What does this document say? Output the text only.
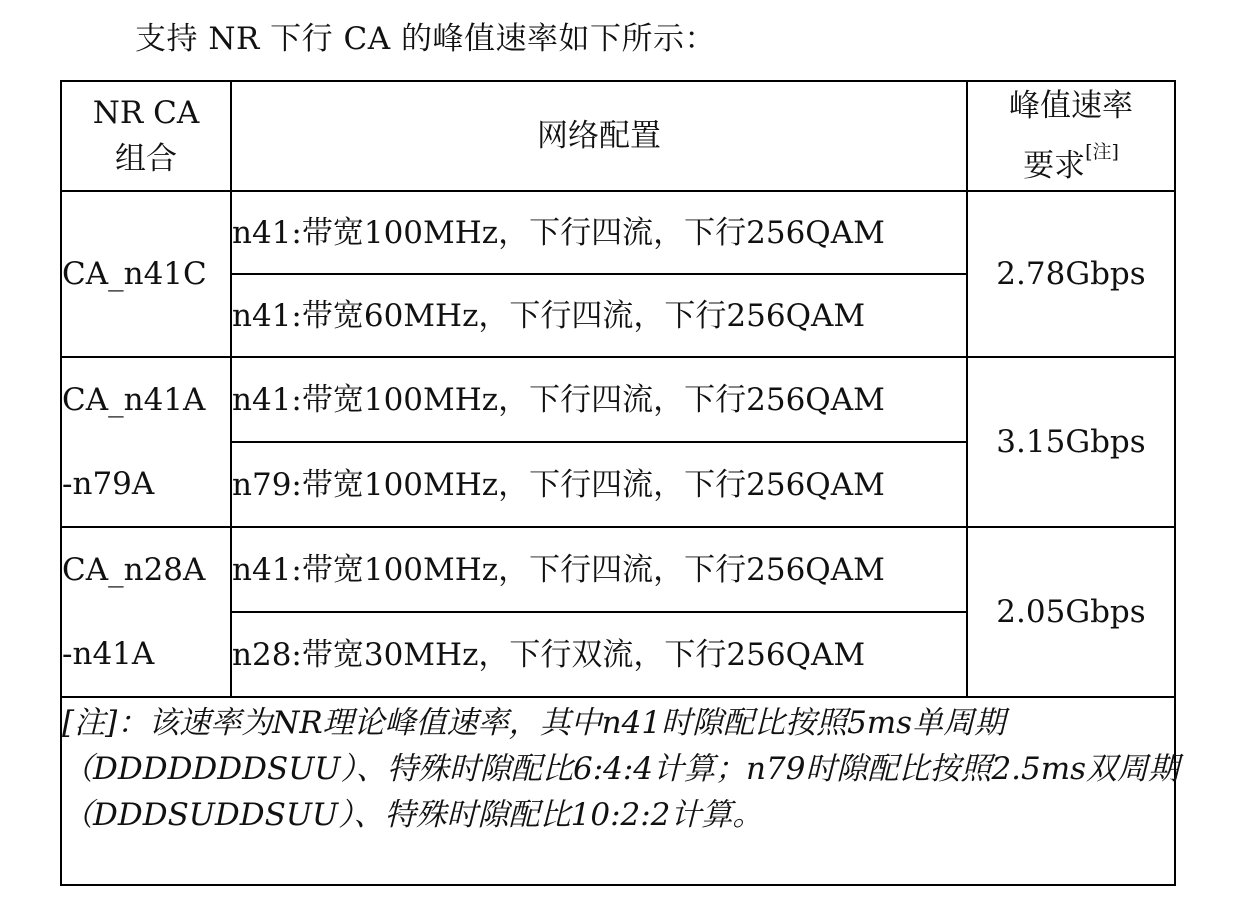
支持 NR 下行 CA 的峰值速率如下所示：
NR CA
组合	网络配置	峰值速率
要求[注]

CA_n41C	n41:带宽100MHz，下行四流，下行256QAM	2.78Gbps
	n41:带宽60MHz，下行四流，下行256QAM	

CA_n41A
-n79A	n41:带宽100MHz，下行四流，下行256QAM	3.15Gbps
	n79:带宽100MHz，下行四流，下行256QAM	

CA_n28A
-n41A	n41:带宽100MHz，下行四流，下行256QAM	2.05Gbps
	n28:带宽30MHz，下行双流，下行256QAM	

[注]：该速率为NR理论峰值速率，其中n41时隙配比按照5ms单周期
（DDDDDDDSUU）、特殊时隙配比6:4:4计算；n79时隙配比按照2.5ms双周期
（DDDSUDDSUU）、特殊时隙配比10:2:2计算。		
